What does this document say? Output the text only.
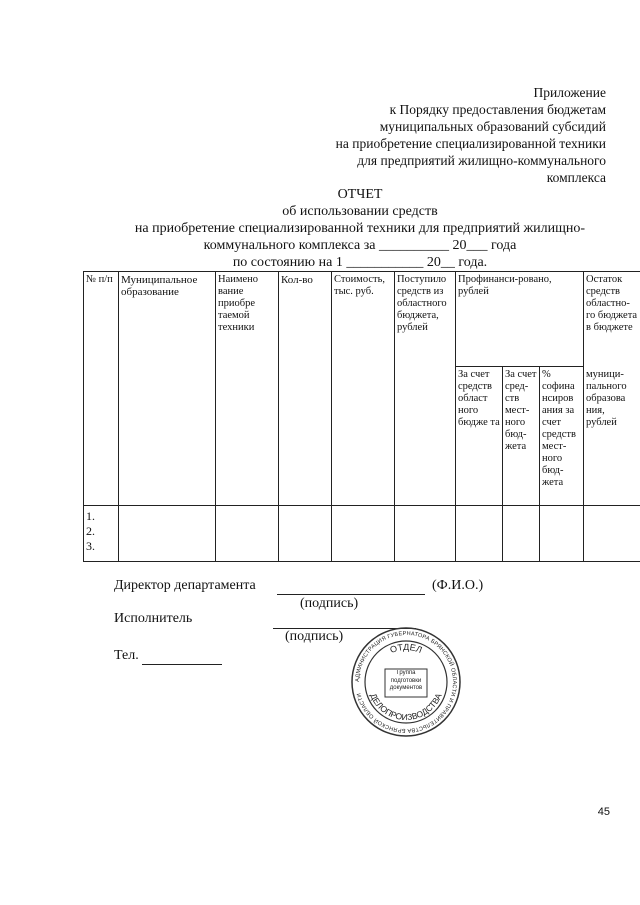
Приложение
к Порядку предоставления бюджетам
муниципальных образований субсидий
на приобретение специализированной техники
для предприятий жилищно-коммунального
комплекса
ОТЧЕТ
об использовании средств
на приобретение специализированной техники для предприятий жилищно-
коммунального комплекса за __________ 20___ года
по состоянию на 1 ___________ 20__ года.
№ п/п	Муниципальное образование	Наимено вание приобре таемой техники	Кол-во	Стоимость, тыс. руб.	Поступило средств из областного бюджета, рублей	Профинанси-ровано, рублей			Остаток средств областно-го бюджета в бюджете
						За счет средств област ного бюдже та	За счет сред-ств мест-ного бюд-жета	% софина нсиров ания за счет средств мест-ного бюд-жета	муници-пального образова ния, рублей

1.
2.
3.									

Директор департамента	(Ф.И.О.)
(подпись)
Исполнитель
(подпись)
Тел.
АДМИНИСТРАЦИЯ ГУБЕРНАТОРА БРЯНСКОЙ ОБЛАСТИ И ПРАВИТЕЛЬСТВА БРЯНСКОЙ ОБЛАСТИ
ОТДЕЛ
ДЕЛОПРОИЗВОДСТВА
Группа подготовки документов
45
